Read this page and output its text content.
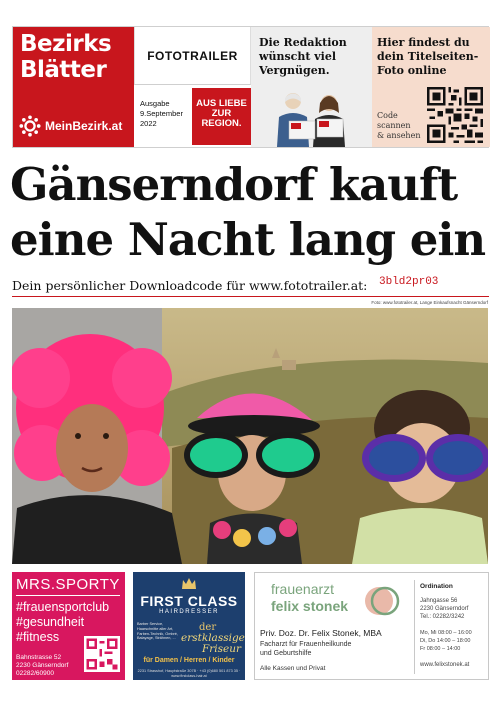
Bezirks
Blätter
MeinBezirk.at
FOTOTRAILER
Ausgabe
9.September 2022
AUS LIEBE
ZUR
REGION.
Die Redaktion
wünscht viel
Vergnügen.
Hier findest du
dein Titelseiten-
Foto online
Code
scannen
& ansehen
Gänserndorf kauft
eine Nacht lang ein
Dein persönlicher Downloadcode für www.fototrailer.at: 3bld2pr03
Foto: www.fototrailer.at, Lange Einkaufsnacht Gänserndorf
MRS.SPORTY
#frauensportclub
#gesundheit
#fitness
Bahnstrasse 52
2230 Gänserndorf
02282/60900
FIRST CLASS
HAIRDRESSER
Barber Service, Haarschnitte aller Art, Farben-Technik, Ombré, Balayage, Strähnen, ...
der
erstklassige
Friseur
für Damen / Herren / Kinder
2231 Strasshof, Hauptstraße 307B · +43 (0)680 501 873 35 · www.firstclass-hair.at
frauenarzt
felix stonek
Priv. Doz. Dr. Felix Stonek, MBA
Facharzt für Frauenheilkunde
und Geburtshilfe
Alle Kassen und Privat
Ordination
Jahngasse 56
2230 Gänserndorf
Tel.: 02282/3242
Mo, Mi 08:00 – 16:00
Di, Do 14:00 – 18:00
Fr 08:00 – 14:00
www.felixstonek.at
